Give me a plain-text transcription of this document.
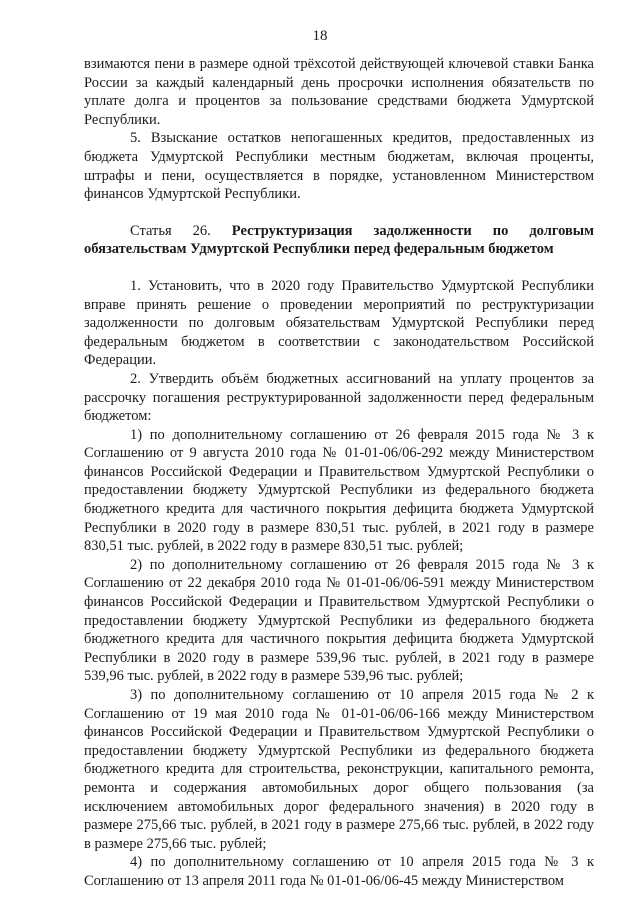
18

взимаются пени в размере одной трёхсотой действующей ключевой ставки Банка России за каждый календарный день просрочки исполнения обязательств по уплате долга и процентов за пользование средствами бюджета Удмуртской Республики.

5. Взыскание остатков непогашенных кредитов, предоставленных из бюджета Удмуртской Республики местным бюджетам, включая проценты, штрафы и пени, осуществляется в порядке, установленном Министерством финансов Удмуртской Республики.

Статья 26. Реструктуризация задолженности по долговым обязательствам Удмуртской Республики перед федеральным бюджетом

1. Установить, что в 2020 году Правительство Удмуртской Республики вправе принять решение о проведении мероприятий по реструктуризации задолженности по долговым обязательствам Удмуртской Республики перед федеральным бюджетом в соответствии с законодательством Российской Федерации.

2. Утвердить объём бюджетных ассигнований на уплату процентов за рассрочку погашения реструктурированной задолженности перед федеральным бюджетом:

1) по дополнительному соглашению от 26 февраля 2015 года № 3 к Соглашению от 9 августа 2010 года № 01-01-06/06-292 между Министерством финансов Российской Федерации и Правительством Удмуртской Республики о предоставлении бюджету Удмуртской Республики из федерального бюджета бюджетного кредита для частичного покрытия дефицита бюджета Удмуртской Республики в 2020 году в размере 830,51 тыс. рублей, в 2021 году в размере 830,51 тыс. рублей, в 2022 году в размере 830,51 тыс. рублей;

2) по дополнительному соглашению от 26 февраля 2015 года № 3 к Соглашению от 22 декабря 2010 года № 01-01-06/06-591 между Министерством финансов Российской Федерации и Правительством Удмуртской Республики о предоставлении бюджету Удмуртской Республики из федерального бюджета бюджетного кредита для частичного покрытия дефицита бюджета Удмуртской Республики в 2020 году в размере 539,96 тыс. рублей, в 2021 году в размере 539,96 тыс. рублей, в 2022 году в размере 539,96 тыс. рублей;

3) по дополнительному соглашению от 10 апреля 2015 года № 2 к Соглашению от 19 мая 2010 года № 01-01-06/06-166 между Министерством финансов Российской Федерации и Правительством Удмуртской Республики о предоставлении бюджету Удмуртской Республики из федерального бюджета бюджетного кредита для строительства, реконструкции, капитального ремонта, ремонта и содержания автомобильных дорог общего пользования (за исключением автомобильных дорог федерального значения) в 2020 году в размере 275,66 тыс. рублей, в 2021 году в размере 275,66 тыс. рублей, в 2022 году в размере 275,66 тыс. рублей;

4) по дополнительному соглашению от 10 апреля 2015 года № 3 к Соглашению от 13 апреля 2011 года № 01-01-06/06-45 между Министерством
